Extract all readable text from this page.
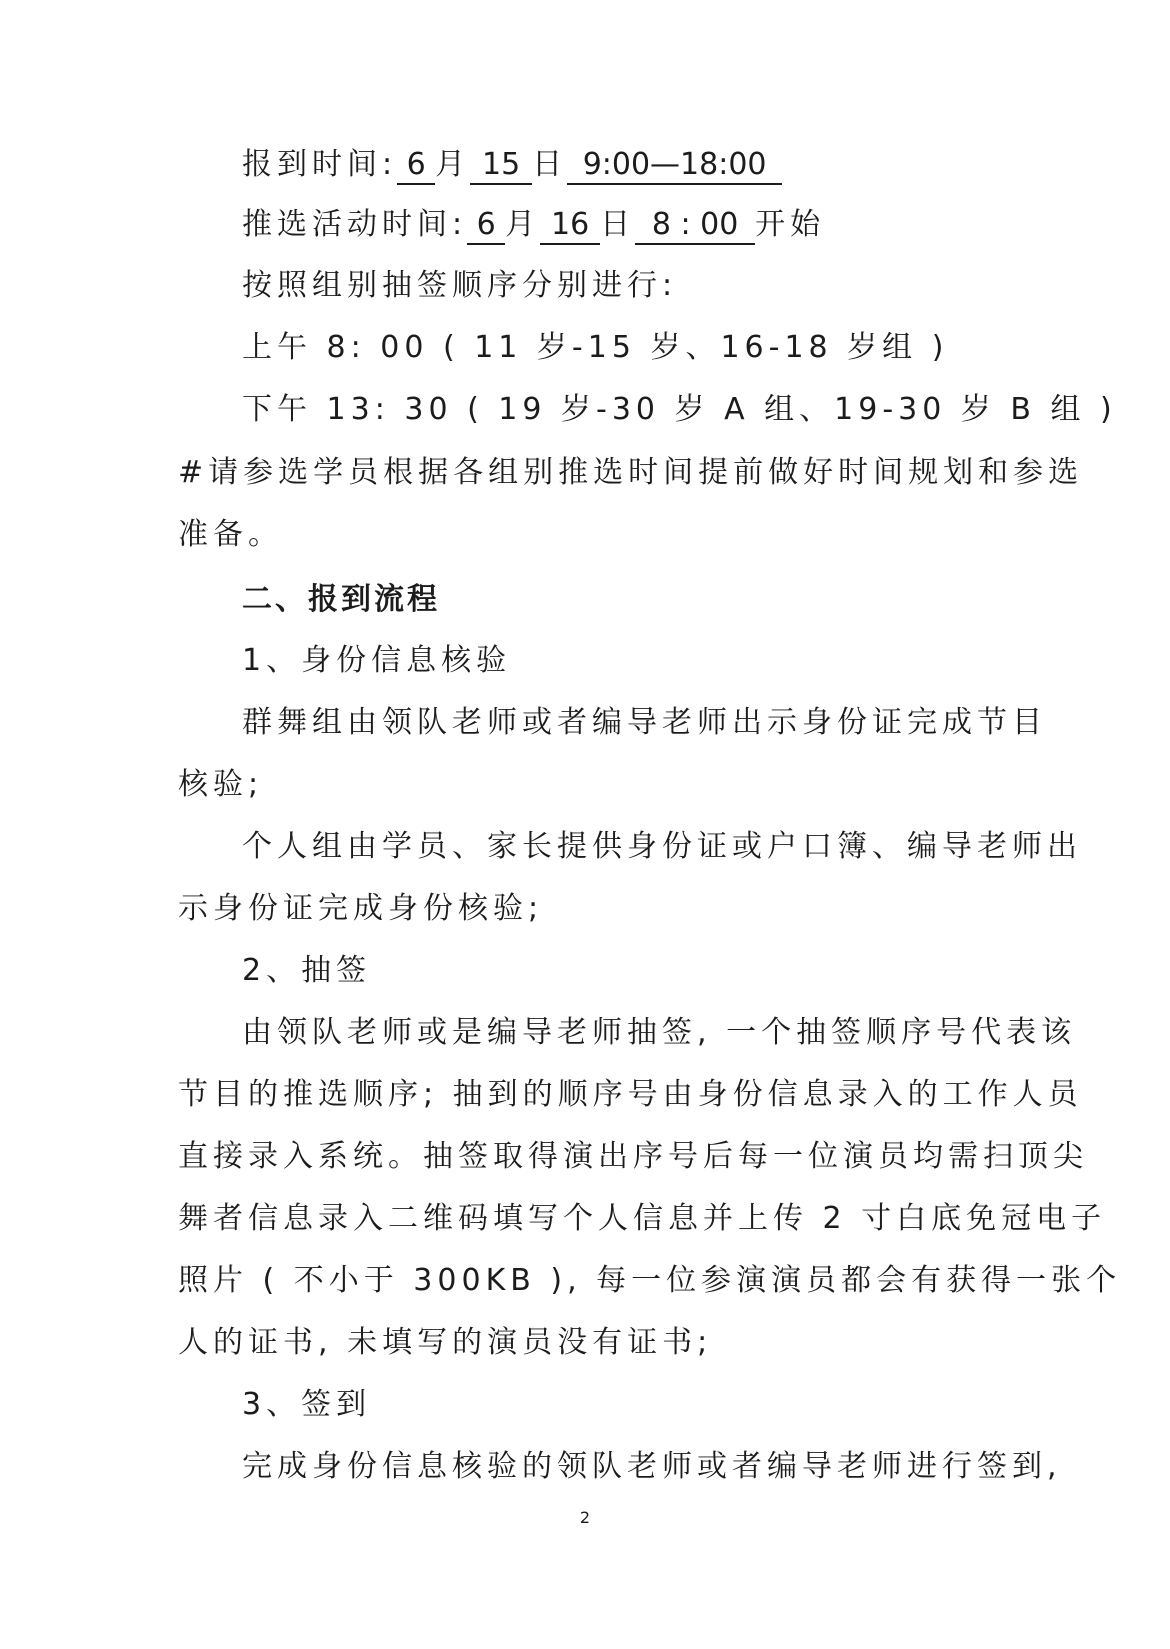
报到时间: 6 月 15 日 9:00—18:00

推选活动时间: 6 月 16 日 8 : 00 开始

按照组别抽签顺序分别进行:

上午 8: 00 ( 11 岁-15 岁、16-18 岁组 )

下午 13: 30 ( 19 岁-30 岁 A 组、19-30 岁 B 组 )

#请参选学员根据各组别推选时间提前做好时间规划和参选

准备。

二、报到流程

1、身份信息核验

群舞组由领队老师或者编导老师出示身份证完成节目

核验;

个人组由学员、家长提供身份证或户口簿、编导老师出

示身份证完成身份核验;

2、抽签

由领队老师或是编导老师抽签, 一个抽签顺序号代表该

节目的推选顺序; 抽到的顺序号由身份信息录入的工作人员

直接录入系统。抽签取得演出序号后每一位演员均需扫顶尖

舞者信息录入二维码填写个人信息并上传 2 寸白底免冠电子

照片 ( 不小于 300KB ), 每一位参演演员都会有获得一张个

人的证书, 未填写的演员没有证书;

3、签到

完成身份信息核验的领队老师或者编导老师进行签到,

2
